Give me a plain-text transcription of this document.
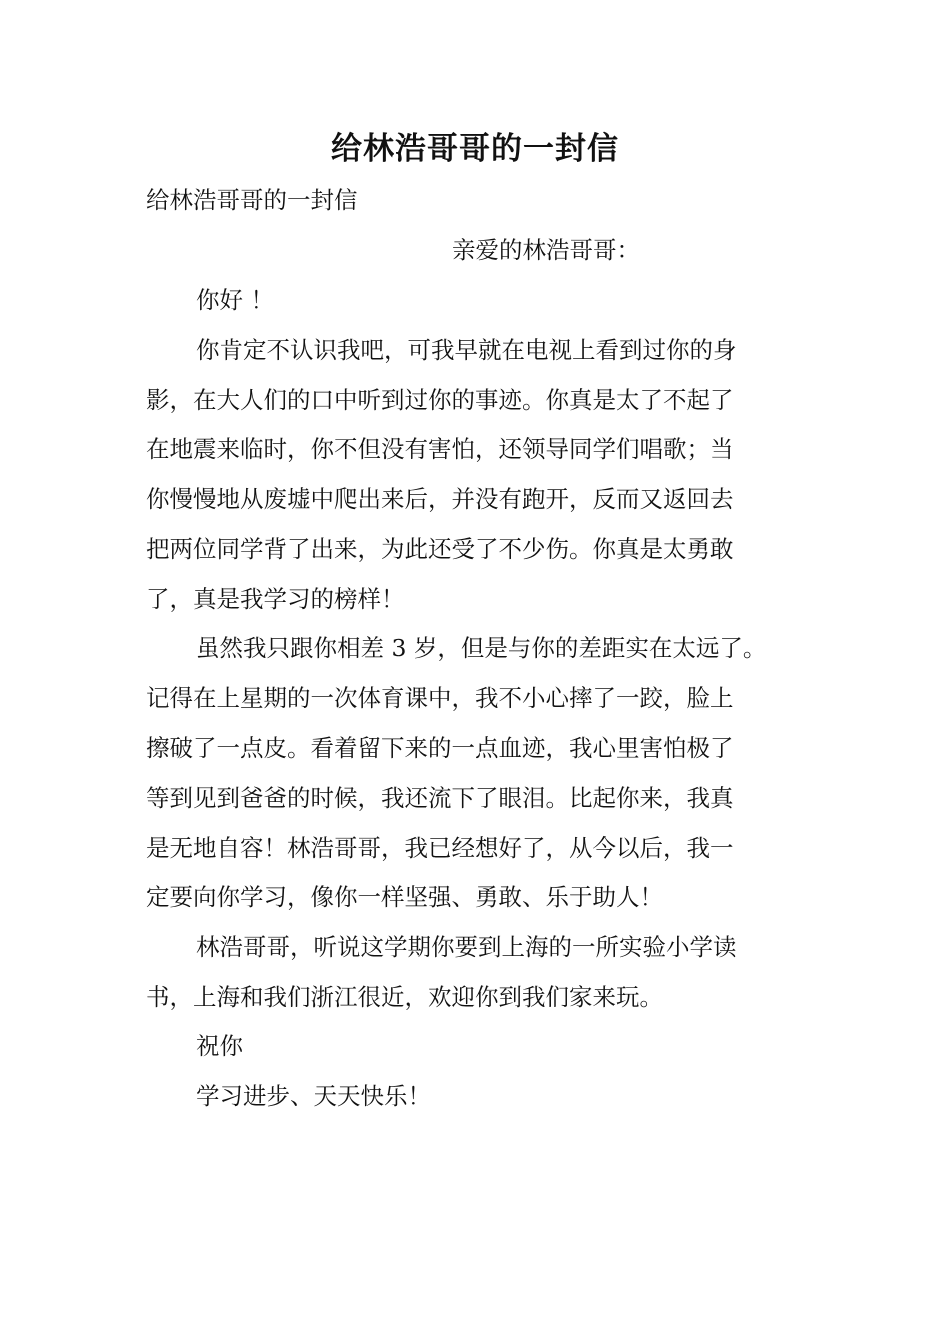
给林浩哥哥的一封信
给林浩哥哥的一封信
亲爱的林浩哥哥：
你好 ！
你肯定不认识我吧，可我早就在电视上看到过你的身
影，在大人们的口中听到过你的事迹。你真是太了不起了
在地震来临时，你不但没有害怕，还领导同学们唱歌；当
你慢慢地从废墟中爬出来后，并没有跑开，反而又返回去
把两位同学背了出来，为此还受了不少伤。你真是太勇敢
了，真是我学习的榜样！
虽然我只跟你相差 3 岁，但是与你的差距实在太远了。
记得在上星期的一次体育课中，我不小心摔了一跤，脸上
擦破了一点皮。看着留下来的一点血迹，我心里害怕极了
等到见到爸爸的时候，我还流下了眼泪。比起你来，我真
是无地自容！林浩哥哥，我已经想好了，从今以后，我一
定要向你学习，像你一样坚强、勇敢、乐于助人！
林浩哥哥，听说这学期你要到上海的一所实验小学读
书，上海和我们浙江很近，欢迎你到我们家来玩。
祝你
学习进步、天天快乐！
